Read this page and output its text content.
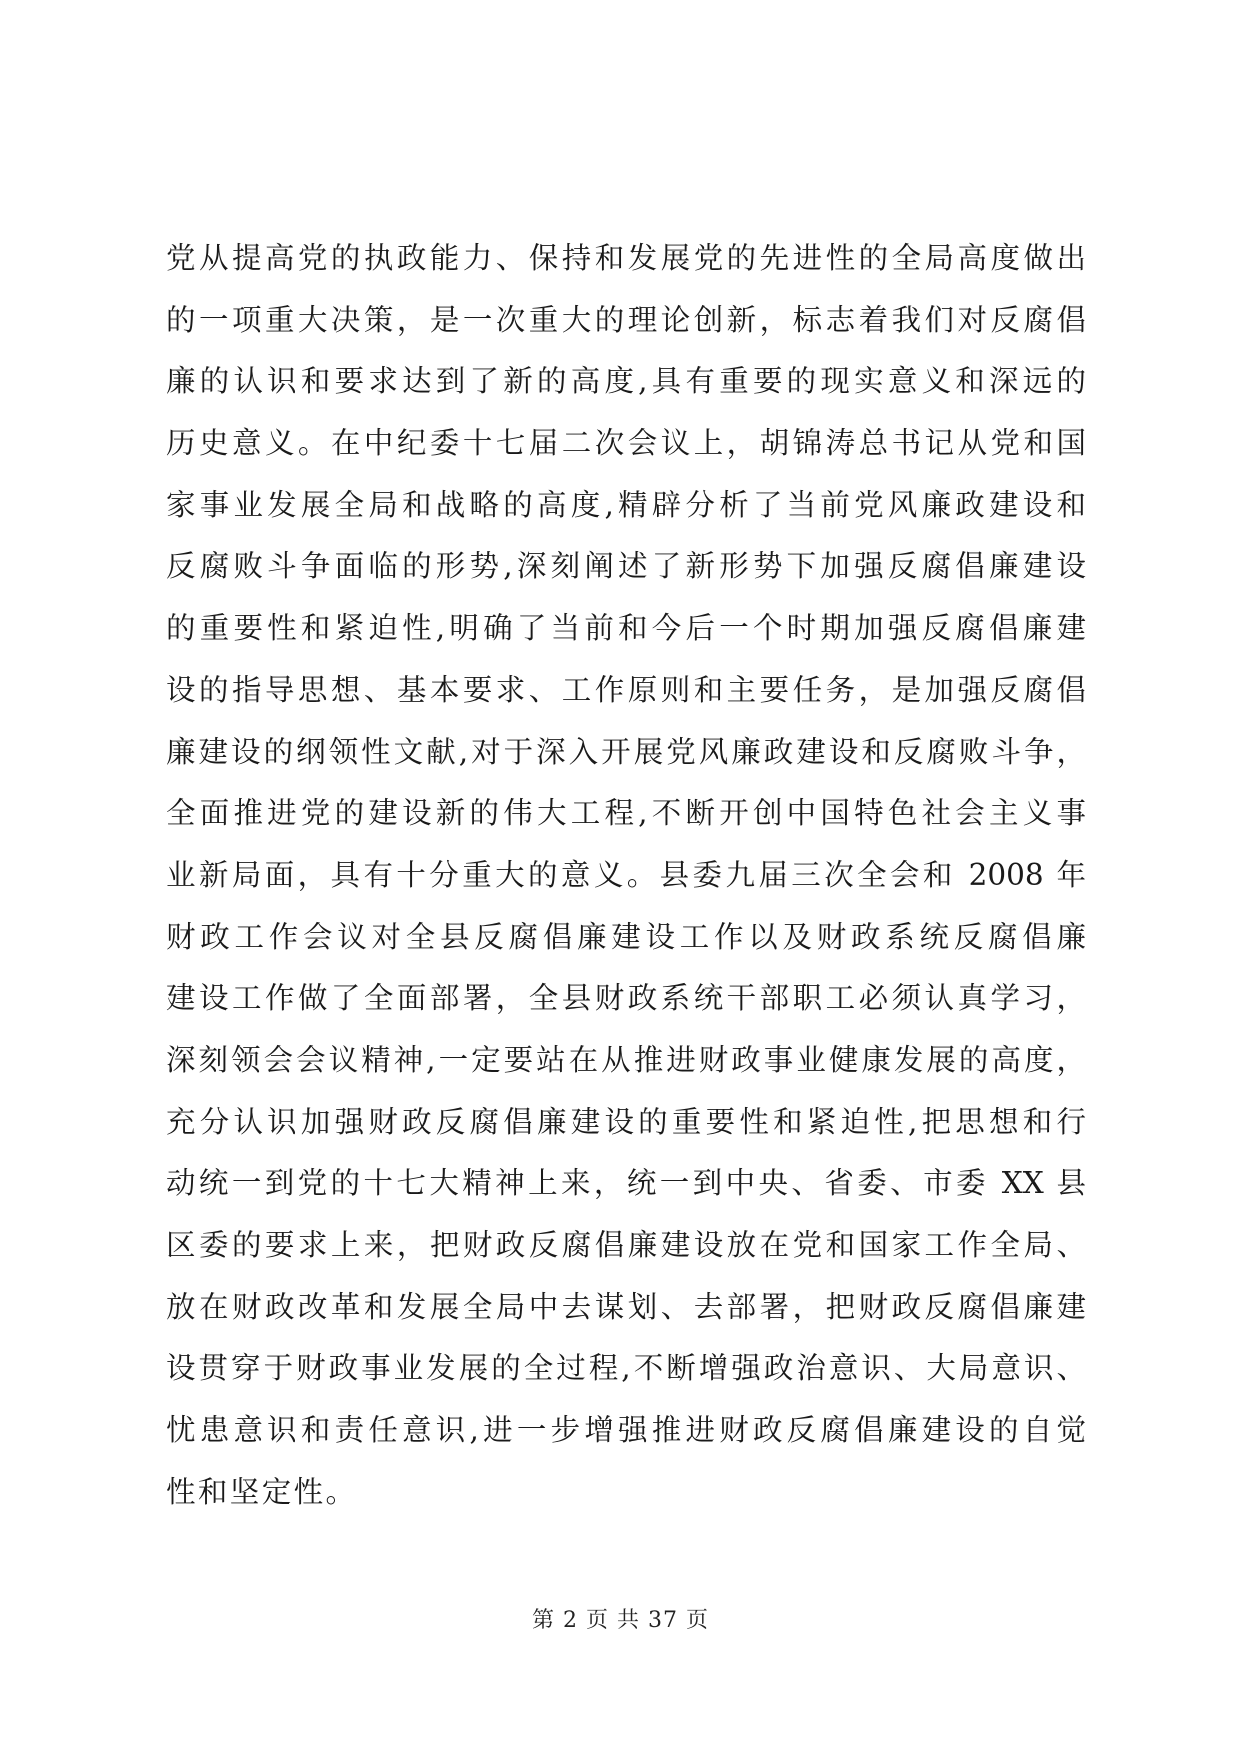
党从提高党的执政能力、保持和发展党的先进性的全局高度做出
的一项重大决策，是一次重大的理论创新，标志着我们对反腐倡
廉的认识和要求达到了新的高度,具有重要的现实意义和深远的
历史意义。在中纪委十七届二次会议上，胡锦涛总书记从党和国
家事业发展全局和战略的高度,精辟分析了当前党风廉政建设和
反腐败斗争面临的形势,深刻阐述了新形势下加强反腐倡廉建设
的重要性和紧迫性,明确了当前和今后一个时期加强反腐倡廉建
设的指导思想、基本要求、工作原则和主要任务，是加强反腐倡
廉建设的纲领性文献,对于深入开展党风廉政建设和反腐败斗争，
全面推进党的建设新的伟大工程,不断开创中国特色社会主义事
业新局面，具有十分重大的意义。县委九届三次全会和 2008 年
财政工作会议对全县反腐倡廉建设工作以及财政系统反腐倡廉
建设工作做了全面部署，全县财政系统干部职工必须认真学习，
深刻领会会议精神,一定要站在从推进财政事业健康发展的高度，
充分认识加强财政反腐倡廉建设的重要性和紧迫性,把思想和行
动统一到党的十七大精神上来，统一到中央、省委、市委 XX 县
区委的要求上来，把财政反腐倡廉建设放在党和国家工作全局、
放在财政改革和发展全局中去谋划、去部署，把财政反腐倡廉建
设贯穿于财政事业发展的全过程,不断增强政治意识、大局意识、
忧患意识和责任意识,进一步增强推进财政反腐倡廉建设的自觉
性和坚定性。
第 2 页 共 37 页
